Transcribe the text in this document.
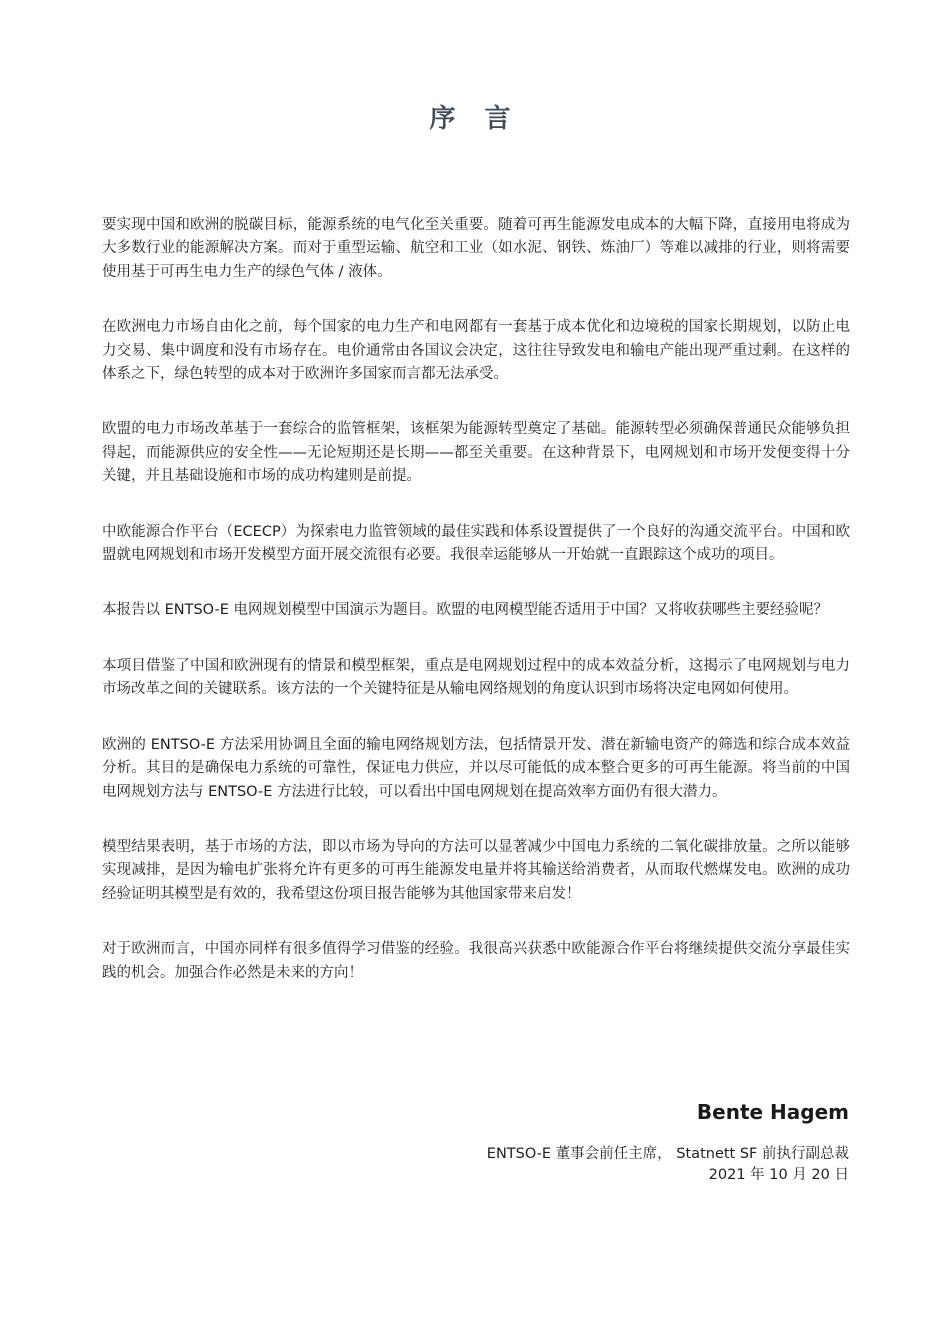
序 言

要实现中国和欧洲的脱碳目标，能源系统的电气化至关重要。随着可再生能源发电成本的大幅下降，直接用电将成为大多数行业的能源解决方案。而对于重型运输、航空和工业（如水泥、钢铁、炼油厂）等难以减排的行业，则将需要使用基于可再生电力生产的绿色气体 / 液体。

在欧洲电力市场自由化之前，每个国家的电力生产和电网都有一套基于成本优化和边境税的国家长期规划，以防止电力交易、集中调度和没有市场存在。电价通常由各国议会决定，这往往导致发电和输电产能出现严重过剩。在这样的体系之下，绿色转型的成本对于欧洲许多国家而言都无法承受。

欧盟的电力市场改革基于一套综合的监管框架，该框架为能源转型奠定了基础。能源转型必须确保普通民众能够负担得起，而能源供应的安全性——无论短期还是长期——都至关重要。在这种背景下，电网规划和市场开发便变得十分关键，并且基础设施和市场的成功构建则是前提。

中欧能源合作平台（ECECP）为探索电力监管领域的最佳实践和体系设置提供了一个良好的沟通交流平台。中国和欧盟就电网规划和市场开发模型方面开展交流很有必要。我很幸运能够从一开始就一直跟踪这个成功的项目。

本报告以 ENTSO-E 电网规划模型中国演示为题目。欧盟的电网模型能否适用于中国？又将收获哪些主要经验呢？

本项目借鉴了中国和欧洲现有的情景和模型框架，重点是电网规划过程中的成本效益分析，这揭示了电网规划与电力市场改革之间的关键联系。该方法的一个关键特征是从输电网络规划的角度认识到市场将决定电网如何使用。

欧洲的 ENTSO-E 方法采用协调且全面的输电网络规划方法，包括情景开发、潜在新输电资产的筛选和综合成本效益分析。其目的是确保电力系统的可靠性，保证电力供应，并以尽可能低的成本整合更多的可再生能源。将当前的中国电网规划方法与 ENTSO-E 方法进行比较，可以看出中国电网规划在提高效率方面仍有很大潜力。

模型结果表明，基于市场的方法，即以市场为导向的方法可以显著减少中国电力系统的二氧化碳排放量。之所以能够实现减排，是因为输电扩张将允许有更多的可再生能源发电量并将其输送给消费者，从而取代燃煤发电。欧洲的成功经验证明其模型是有效的，我希望这份项目报告能够为其他国家带来启发！

对于欧洲而言，中国亦同样有很多值得学习借鉴的经验。我很高兴获悉中欧能源合作平台将继续提供交流分享最佳实践的机会。加强合作必然是未来的方向！

Bente Hagem
ENTSO-E 董事会前任主席， Statnett SF 前执行副总裁
2021 年 10 月 20 日
